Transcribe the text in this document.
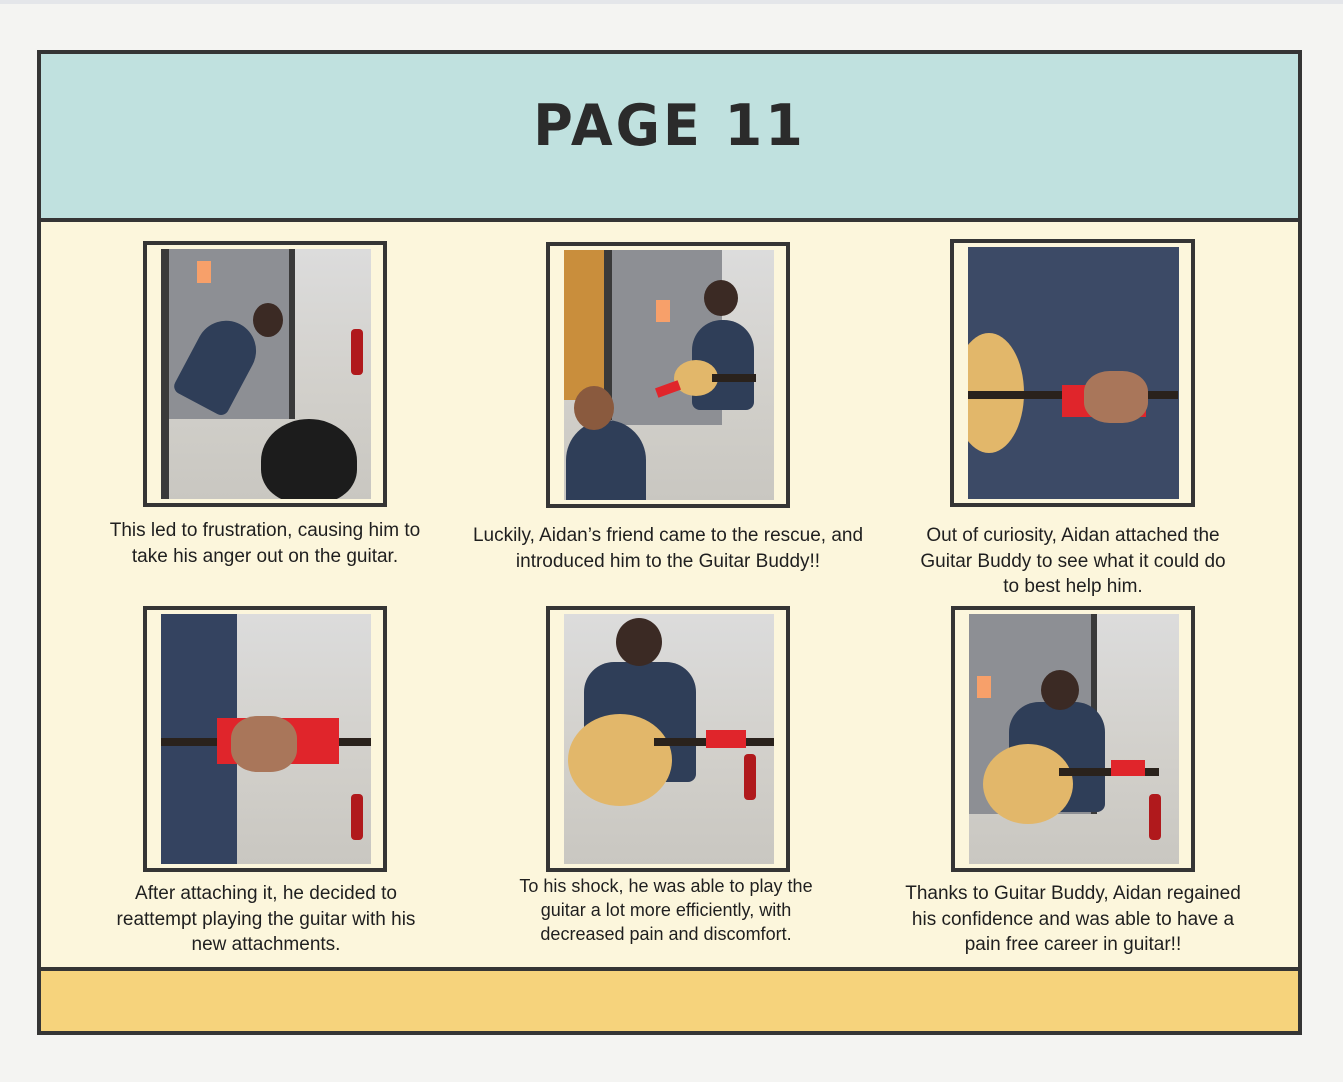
PAGE 11
This led to frustration, causing him to take his anger out on the guitar.
Luckily, Aidan’s friend came to the rescue, and introduced him to the Guitar Buddy!!
Out of curiosity, Aidan attached the Guitar Buddy to see what it could do to best help him.
After attaching it, he decided to reattempt playing the guitar with his new attachments.
To his shock, he was able to play the guitar a lot more efficiently, with decreased pain and discomfort.
Thanks to Guitar Buddy, Aidan regained his confidence and was able to have a pain free career in guitar!!
